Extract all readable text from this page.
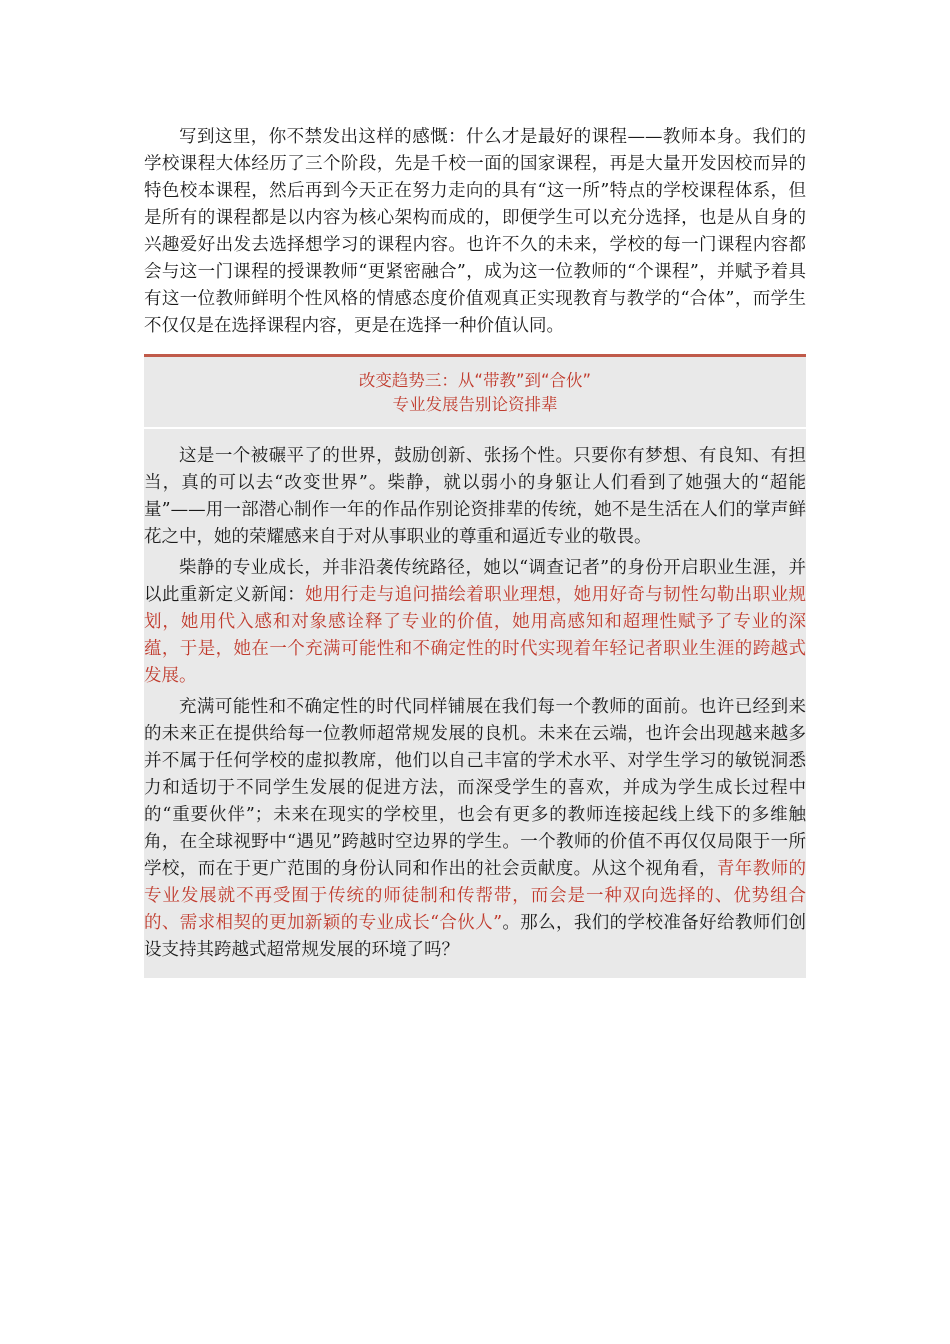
写到这里，你不禁发出这样的感慨：什么才是最好的课程——教师本身。我们的学校课程大体经历了三个阶段，先是千校一面的国家课程，再是大量开发因校而异的特色校本课程，然后再到今天正在努力走向的具有“这一所”特点的学校课程体系，但是所有的课程都是以内容为核心架构而成的，即便学生可以充分选择，也是从自身的兴趣爱好出发去选择想学习的课程内容。也许不久的未来，学校的每一门课程内容都会与这一门课程的授课教师“更紧密融合”，成为这一位教师的“个课程”，并赋予着具有这一位教师鲜明个性风格的情感态度价值观真正实现教育与教学的“合体”，而学生不仅仅是在选择课程内容，更是在选择一种价值认同。

改变趋势三：从“带教”到“合伙”
专业发展告别论资排辈

这是一个被碾平了的世界，鼓励创新、张扬个性。只要你有梦想、有良知、有担当，真的可以去“改变世界”。柴静，就以弱小的身躯让人们看到了她强大的“超能量”——用一部潜心制作一年的作品作别论资排辈的传统，她不是生活在人们的掌声鲜花之中，她的荣耀感来自于对从事职业的尊重和逼近专业的敬畏。

柴静的专业成长，并非沿袭传统路径，她以“调查记者”的身份开启职业生涯，并以此重新定义新闻：她用行走与追问描绘着职业理想，她用好奇与韧性勾勒出职业规划，她用代入感和对象感诠释了专业的价值，她用高感知和超理性赋予了专业的深蕴，于是，她在一个充满可能性和不确定性的时代实现着年轻记者职业生涯的跨越式发展。

充满可能性和不确定性的时代同样铺展在我们每一个教师的面前。也许已经到来的未来正在提供给每一位教师超常规发展的良机。未来在云端，也许会出现越来越多并不属于任何学校的虚拟教席，他们以自己丰富的学术水平、对学生学习的敏锐洞悉力和适切于不同学生发展的促进方法，而深受学生的喜欢，并成为学生成长过程中的“重要伙伴”；未来在现实的学校里，也会有更多的教师连接起线上线下的多维触角，在全球视野中“遇见”跨越时空边界的学生。一个教师的价值不再仅仅局限于一所学校，而在于更广范围的身份认同和作出的社会贡献度。从这个视角看，青年教师的专业发展就不再受囿于传统的师徒制和传帮带，而会是一种双向选择的、优势组合的、需求相契的更加新颖的专业成长“合伙人”。那么，我们的学校准备好给教师们创设支持其跨越式超常规发展的环境了吗？
